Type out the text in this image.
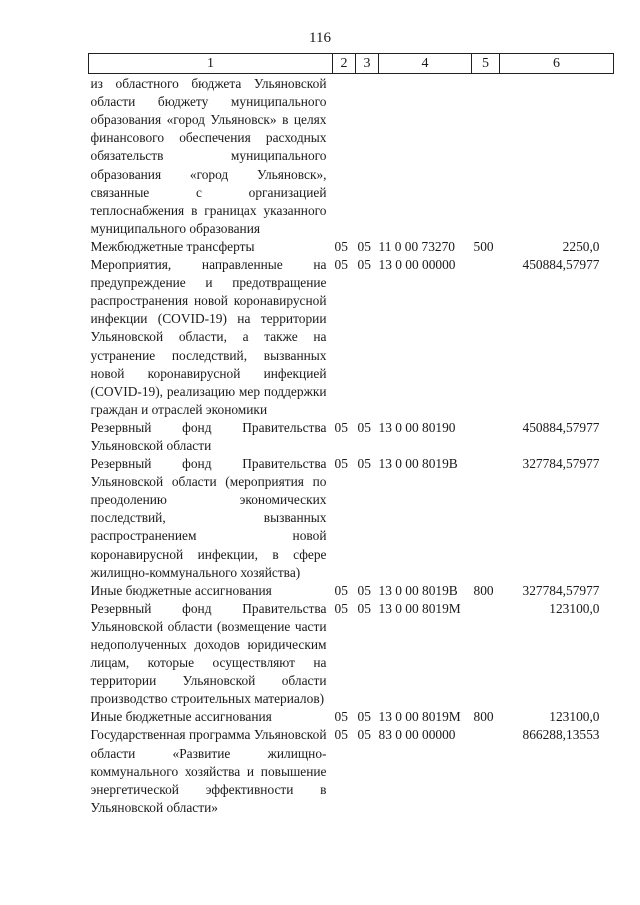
116
1	2	3	4	5	6
из областного бюджета Ульяновской области бюджету муниципального образования «город Ульяновск» в целях финансового обеспечения расходных обязательств муниципального образования «город Ульяновск», связанные с организацией теплоснабжения в границах указанного муниципального образования					
Межбюджетные трансферты	05	05	11 0 00 73270	500	2250,0
Мероприятия, направленные на предупреждение и предотвращение распространения новой коронавирусной инфекции (COVID-19) на территории Ульяновской области, а также на устранение последствий, вызванных новой коронавирусной инфекцией (COVID-19), реализацию мер поддержки граждан и отраслей экономики	05	05	13 0 00 00000		450884,57977
Резервный фонд Правительства Ульяновской области	05	05	13 0 00 80190		450884,57977
Резервный фонд Правительства Ульяновской области (мероприятия по преодолению экономических последствий, вызванных распространением новой коронавирусной инфекции, в сфере жилищно-коммунального хозяйства)	05	05	13 0 00 8019В		327784,57977
Иные бюджетные ассигнования	05	05	13 0 00 8019В	800	327784,57977
Резервный фонд Правительства Ульяновской области (возмещение части недополученных доходов юридическим лицам, которые осуществляют на территории Ульяновской области производство строительных материалов)	05	05	13 0 00 8019М		123100,0
Иные бюджетные ассигнования	05	05	13 0 00 8019М	800	123100,0
Государственная программа Ульяновской области «Развитие жилищно-коммунального хозяйства и повышение энергетической эффективности в Ульяновской области»	05	05	83 0 00 00000		866288,13553
